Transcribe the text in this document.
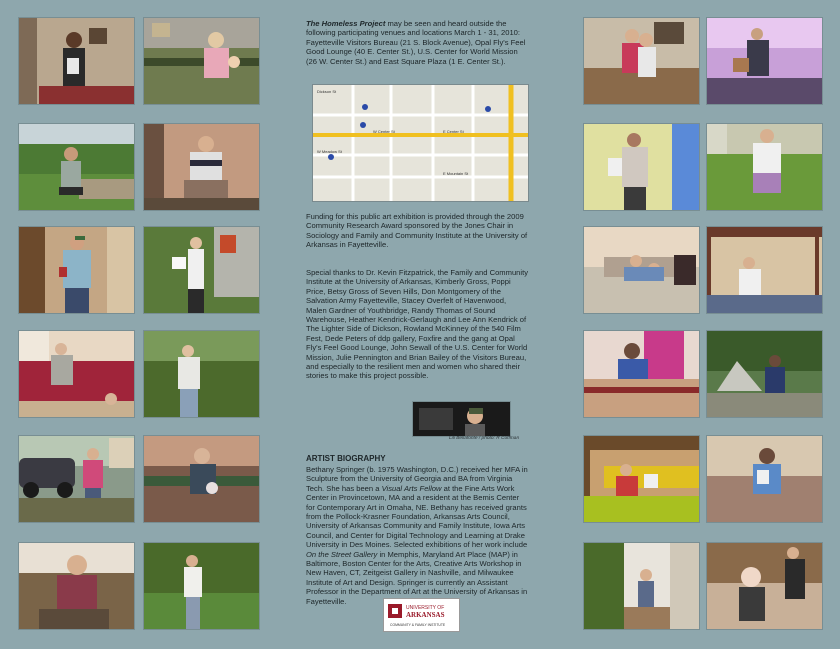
The Homeless Project may be seen and heard outside the following participating venues and locations March 1 - 31, 2010: Fayetteville Visitors Bureau (21 S. Block Avenue), Opal Fly's Feel Good Lounge (40 E. Center St.), U.S. Center for World Mission (26 W. Center St.) and East Square Plaza (1 E. Center St.).

Dickson St
W Center St	E Center St
W Meadow St
E Mountain St

Funding for this public art exhibition is provided through the 2009 Community Research Award sponsored by the Jones Chair in Sociology and Family and Community Institute at the University of Arkansas in Fayetteville.

Special thanks to Dr. Kevin Fitzpatrick, the Family and Community Institute at the University of Arkansas, Kimberly Gross, Poppi Price, Betsy Gross of Seven Hills, Don Montgomery of the Salvation Army Fayetteville, Stacey Overfelt of Havenwood, Malen Gardner of Youthbridge, Randy Thomas of Sound Warehouse, Heather Kendrick-Gerlaugh and Lee Ann Kendrick of The Lighter Side of Dickson, Rowland McKinney of the 540 Film Fest, Dede Peters of ddp gallery, Foxfire and the gang at Opal Fly's Feel Good Lounge, John Sewall of the U.S. Center for World Mission, Julie Pennington and Brian Bailey of the Visitors Bureau, and especially to the resilient men and women who shared their stories to make this project possible.

Lili Beliafonte / photo: R Coffman
ARTIST BIOGRAPHY

Bethany Springer (b. 1975 Washington, D.C.) received her MFA in Sculpture from the University of Georgia and BA from Virginia Tech. She has been a Visual Arts Fellow at the Fine Arts Work Center in Provincetown, MA and a resident at the Bemis Center for Contemporary Art in Omaha, NE. Bethany has received grants from the Pollock-Krasner Foundation, Arkansas Arts Council, University of Arkansas Community and Family Institute, Iowa Arts Council, and Center for Digital Technology and Learning at Drake University in Des Moines. Selected exhibitions of her work include On the Street Gallery in Memphis, Maryland Art Place (MAP) in Baltimore, Boston Center for the Arts, Creative Arts Workshop in New Haven, CT, Zeitgeist Gallery in Nashville, and Milwaukee Institute of Art and Design. Springer is currently an Assistant Professor in the Department of Art at the University of Arkansas in Fayetteville.

UNIVERSITY OF
ARKANSAS
COMMUNITY & FAMILY INSTITUTE
